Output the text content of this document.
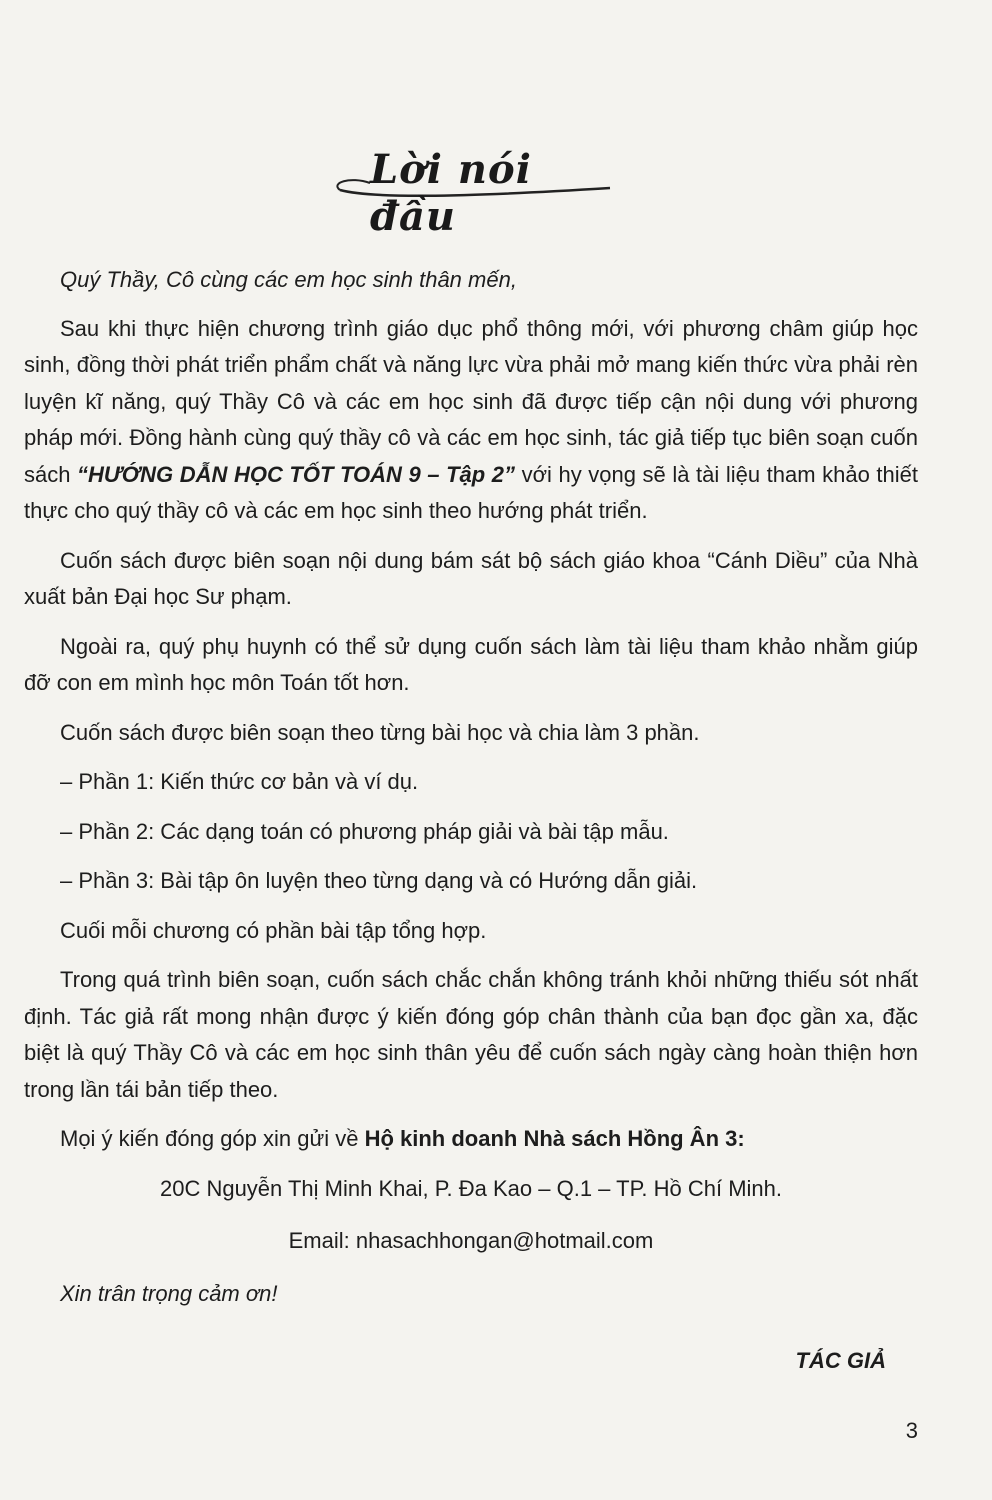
Lời nói đầu

Quý Thầy, Cô cùng các em học sinh thân mến,

Sau khi thực hiện chương trình giáo dục phổ thông mới, với phương châm giúp học sinh, đồng thời phát triển phẩm chất và năng lực vừa phải mở mang kiến thức vừa phải rèn luyện kĩ năng, quý Thầy Cô và các em học sinh đã được tiếp cận nội dung với phương pháp mới. Đồng hành cùng quý thầy cô và các em học sinh, tác giả tiếp tục biên soạn cuốn sách “HƯỚNG DẪN HỌC TỐT TOÁN 9 – Tập 2” với hy vọng sẽ là tài liệu tham khảo thiết thực cho quý thầy cô và các em học sinh theo hướng phát triển.

Cuốn sách được biên soạn nội dung bám sát bộ sách giáo khoa “Cánh Diều” của Nhà xuất bản Đại học Sư phạm.

Ngoài ra, quý phụ huynh có thể sử dụng cuốn sách làm tài liệu tham khảo nhằm giúp đỡ con em mình học môn Toán tốt hơn.

Cuốn sách được biên soạn theo từng bài học và chia làm 3 phần.

– Phần 1: Kiến thức cơ bản và ví dụ.

– Phần 2: Các dạng toán có phương pháp giải và bài tập mẫu.

– Phần 3: Bài tập ôn luyện theo từng dạng và có Hướng dẫn giải.

Cuối mỗi chương có phần bài tập tổng hợp.

Trong quá trình biên soạn, cuốn sách chắc chắn không tránh khỏi những thiếu sót nhất định. Tác giả rất mong nhận được ý kiến đóng góp chân thành của bạn đọc gần xa, đặc biệt là quý Thầy Cô và các em học sinh thân yêu để cuốn sách ngày càng hoàn thiện hơn trong lần tái bản tiếp theo.

Mọi ý kiến đóng góp xin gửi về Hộ kinh doanh Nhà sách Hồng Ân 3:

20C Nguyễn Thị Minh Khai, P. Đa Kao – Q.1 – TP. Hồ Chí Minh.

Email: nhasachhongan@hotmail.com

Xin trân trọng cảm ơn!

TÁC GIẢ
3
